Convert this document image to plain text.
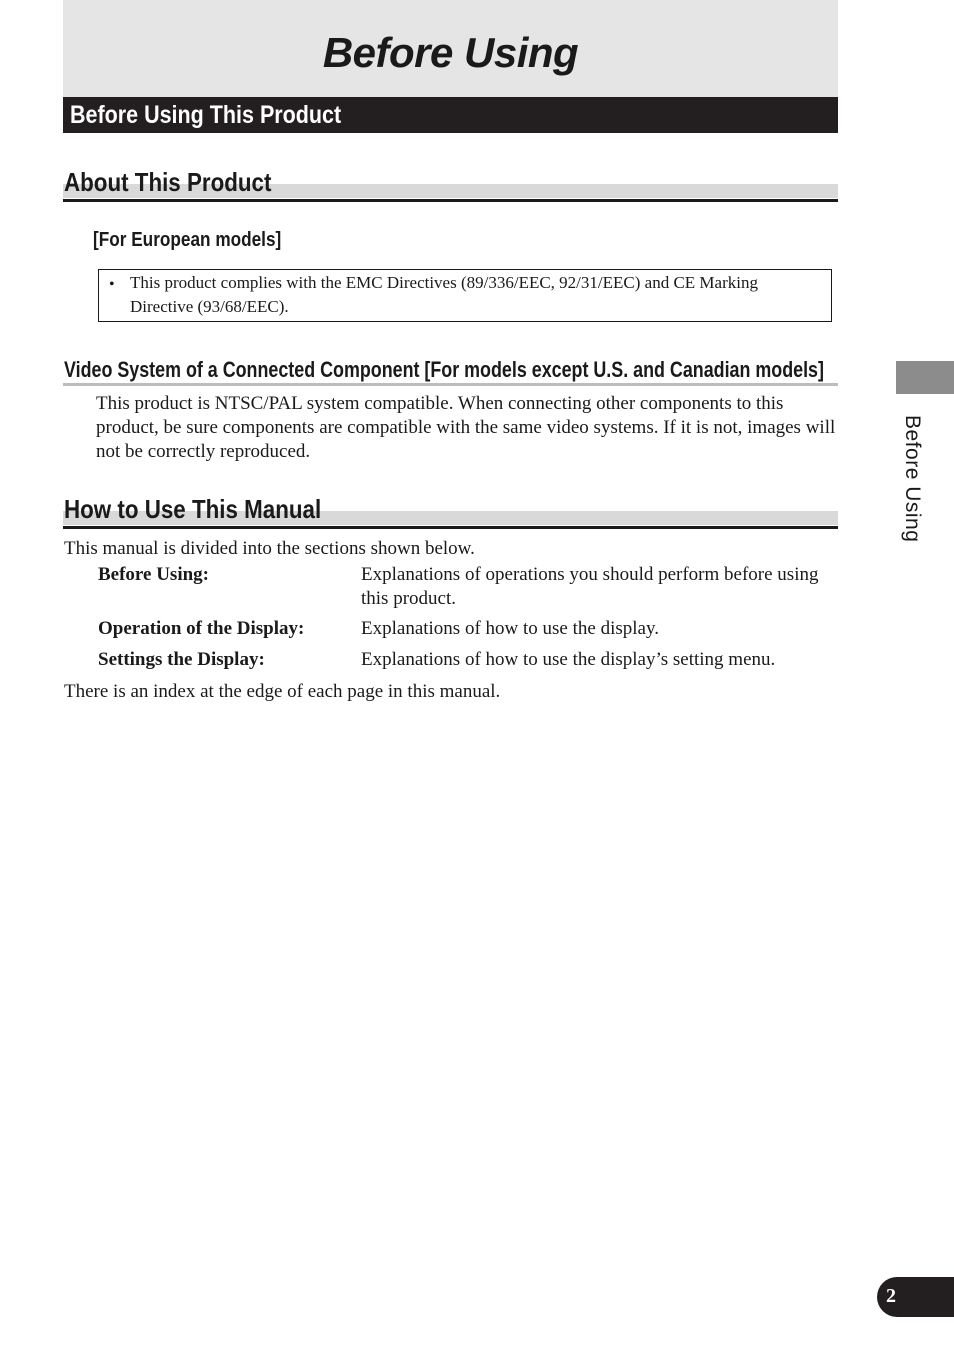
Before Using
Before Using This Product
About This Product
[For European models]
• This product complies with the EMC Directives (89/336/EEC, 92/31/EEC) and CE Marking Directive (93/68/EEC).
Video System of a Connected Component [For models except U.S. and Canadian models]
This product is NTSC/PAL system compatible. When connecting other components to this product, be sure components are compatible with the same video systems. If it is not, images will not be correctly reproduced.
How to Use This Manual
This manual is divided into the sections shown below.
Before Using:	Explanations of operations you should perform before using this product.
Operation of the Display:	Explanations of how to use the display.
Settings the Display:	Explanations of how to use the display’s setting menu.
There is an index at the edge of each page in this manual.
Before Using
2
